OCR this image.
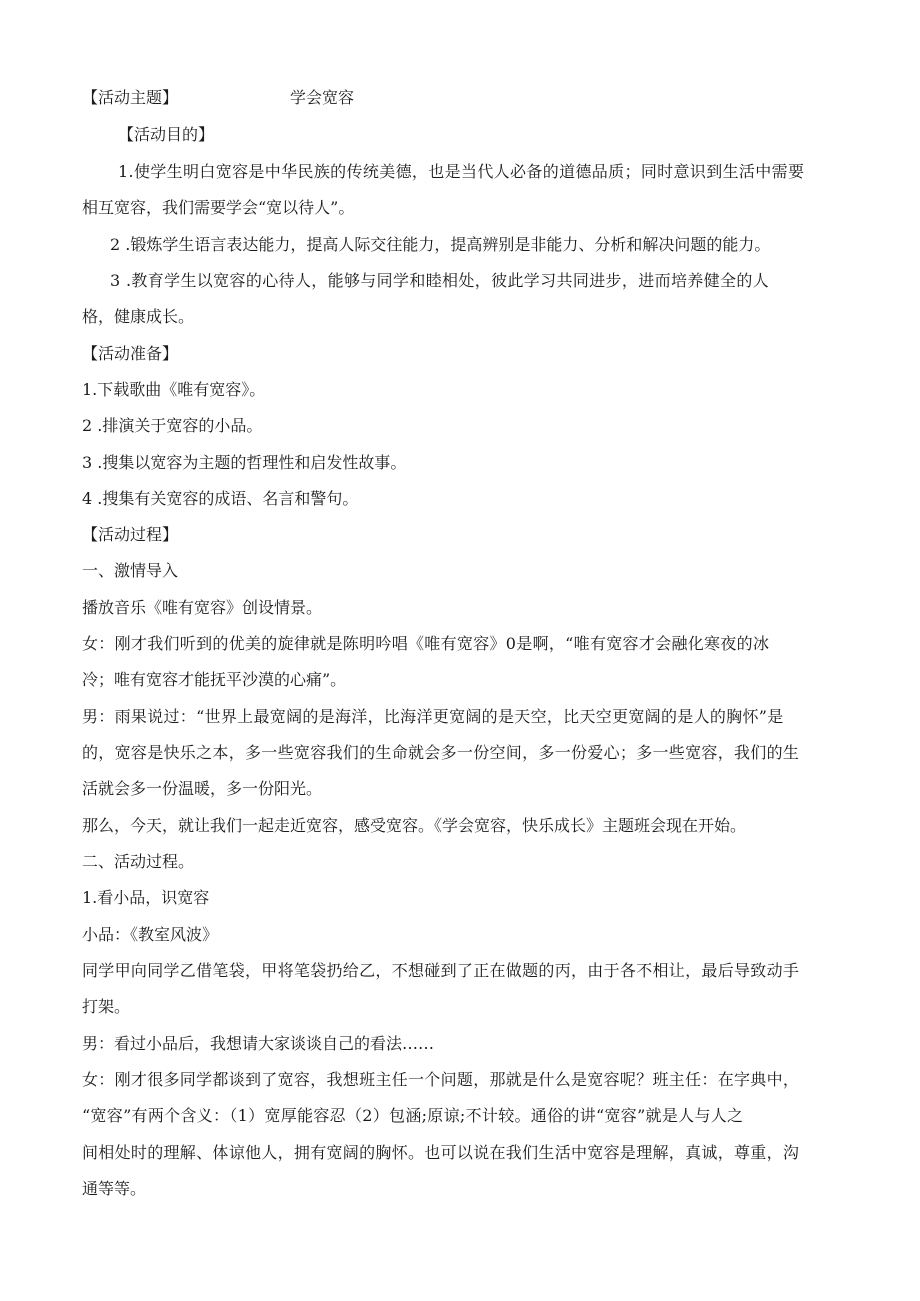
【活动主题】	学会宽容
【活动目的】
1.使学生明白宽容是中华民族的传统美德，也是当代人必备的道德品质；同时意识到生活中需要
相互宽容，我们需要学会“宽以待人”。
2 .锻炼学生语言表达能力，提高人际交往能力，提高辨别是非能力、分析和解决问题的能力。
3 .教育学生以宽容的心待人，能够与同学和睦相处，彼此学习共同进步，进而培养健全的人
格，健康成长。
【活动准备】
1.下载歌曲《唯有宽容》。
2 .排演关于宽容的小品。
3 .搜集以宽容为主题的哲理性和启发性故事。
4 .搜集有关宽容的成语、名言和警句。
【活动过程】
一、激情导入
播放音乐《唯有宽容》创设情景。
女：刚才我们听到的优美的旋律就是陈明吟唱《唯有宽容》0是啊，“唯有宽容才会融化寒夜的冰
冷；唯有宽容才能抚平沙漠的心痛”。
男：雨果说过：“世界上最宽阔的是海洋，比海洋更宽阔的是天空，比天空更宽阔的是人的胸怀”是
的，宽容是快乐之本，多一些宽容我们的生命就会多一份空间，多一份爱心；多一些宽容，我们的生
活就会多一份温暖，多一份阳光。
那么，今天，就让我们一起走近宽容，感受宽容。《学会宽容，快乐成长》主题班会现在开始。
二、活动过程。
1.看小品，识宽容
小品：《教室风波》
同学甲向同学乙借笔袋，甲将笔袋扔给乙，不想碰到了正在做题的丙，由于各不相让，最后导致动手
打架。
男：看过小品后，我想请大家谈谈自己的看法……
女：刚才很多同学都谈到了宽容，我想班主任一个问题，那就是什么是宽容呢？班主任：在字典中，
“宽容”有两个含义：（1）宽厚能容忍（2）包涵;原谅;不计较。通俗的讲“宽容”就是人与人之
间相处时的理解、体谅他人，拥有宽阔的胸怀。也可以说在我们生活中宽容是理解，真诚，尊重，沟
通等等。
